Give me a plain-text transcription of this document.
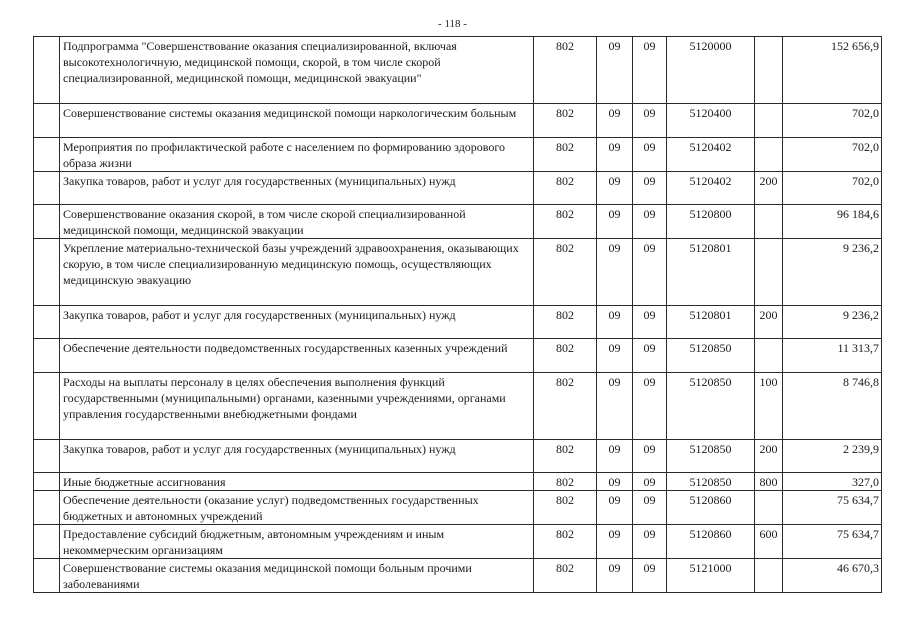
- 118 -
	Подпрограмма "Совершенствование оказания специализированной, включая высокотехнологичную, медицинской помощи, скорой, в том числе скорой специализированной, медицинской помощи, медицинской эвакуации"	802	09	09	5120000		152 656,9
	Совершенствование системы оказания медицинской помощи наркологическим больным	802	09	09	5120400		702,0
	Мероприятия по профилактической работе с населением по формированию здорового образа жизни	802	09	09	5120402		702,0
	Закупка товаров, работ и услуг для государственных (муниципальных) нужд	802	09	09	5120402	200	702,0
	Совершенствование оказания скорой, в том числе скорой специализированной медицинской помощи, медицинской эвакуации	802	09	09	5120800		96 184,6
	Укрепление материально-технической базы учреждений здравоохранения, оказывающих скорую, в том числе специализированную медицинскую помощь, осуществляющих медицинскую эвакуацию	802	09	09	5120801		9 236,2
	Закупка товаров, работ и услуг для государственных (муниципальных) нужд	802	09	09	5120801	200	9 236,2
	Обеспечение деятельности подведомственных государственных казенных учреждений	802	09	09	5120850		11 313,7
	Расходы на выплаты персоналу в целях обеспечения выполнения функций государственными (муниципальными) органами, казенными учреждениями, органами управления государственными внебюджетными фондами	802	09	09	5120850	100	8 746,8
	Закупка товаров, работ и услуг для государственных (муниципальных) нужд	802	09	09	5120850	200	2 239,9
	Иные бюджетные ассигнования	802	09	09	5120850	800	327,0
	Обеспечение деятельности (оказание услуг) подведомственных государственных бюджетных и автономных учреждений	802	09	09	5120860		75 634,7
	Предоставление субсидий бюджетным, автономным учреждениям и иным некоммерческим организациям	802	09	09	5120860	600	75 634,7
	Совершенствование системы оказания медицинской помощи больным прочими заболеваниями	802	09	09	5121000		46 670,3
